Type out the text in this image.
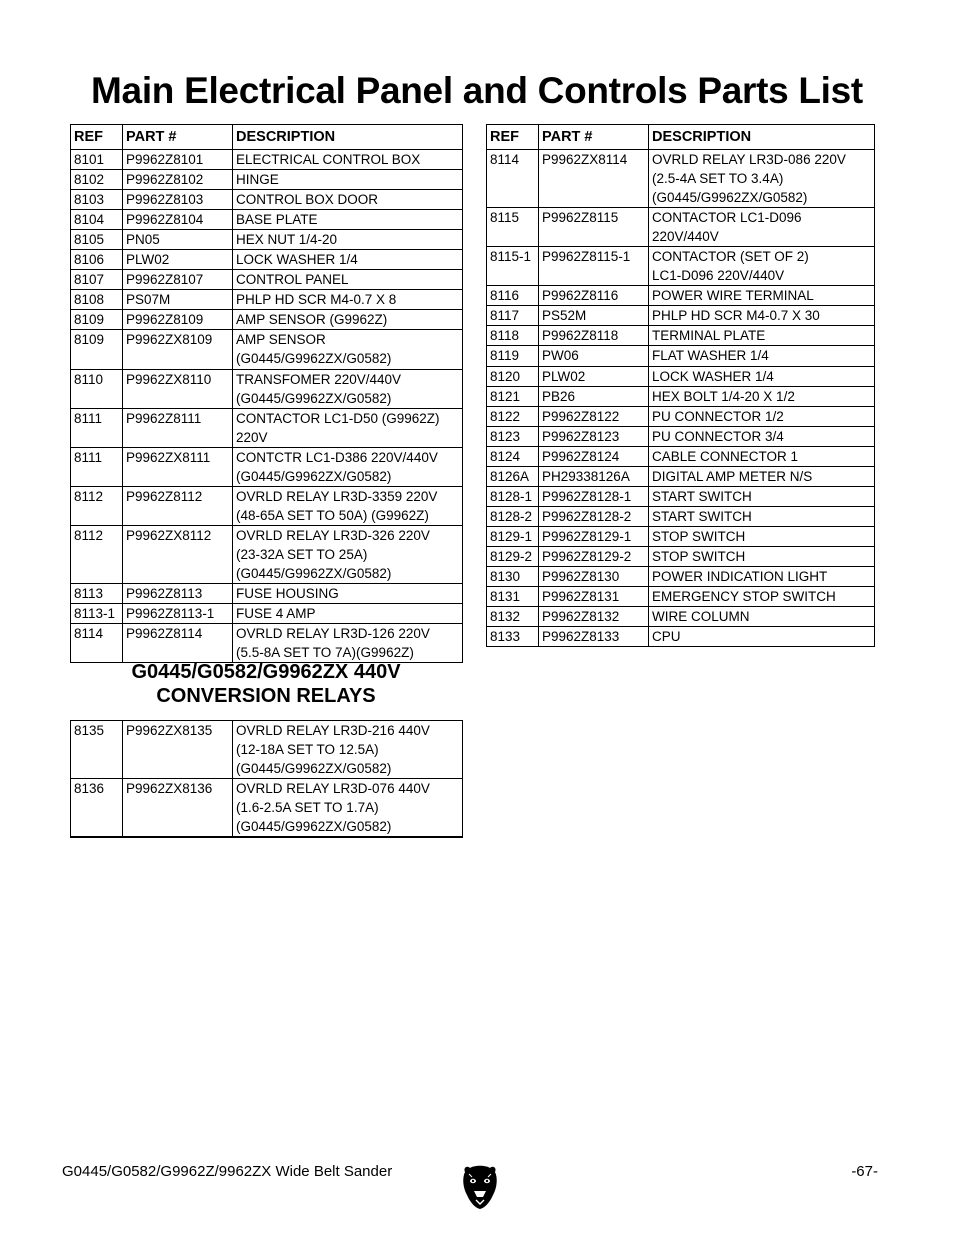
Main Electrical Panel and Controls Parts List
REF	PART #	DESCRIPTION
8101	P9962Z8101	ELECTRICAL CONTROL BOX

8102	P9962Z8102	HINGE

8103	P9962Z8103	CONTROL BOX DOOR

8104	P9962Z8104	BASE PLATE

8105	PN05	HEX NUT 1/4-20

8106	PLW02	LOCK WASHER 1/4

8107	P9962Z8107	CONTROL PANEL

8108	PS07M	PHLP HD SCR M4-0.7 X 8

8109	P9962Z8109	AMP SENSOR (G9962Z)

8109	P9962ZX8109	AMP SENSOR
(G0445/G9962ZX/G0582)

8110	P9962ZX8110	TRANSFOMER 220V/440V
(G0445/G9962ZX/G0582)

8111	P9962Z8111	CONTACTOR LC1-D50 (G9962Z)
220V

8111	P9962ZX8111	CONTCTR LC1-D386 220V/440V
(G0445/G9962ZX/G0582)

8112	P9962Z8112	OVRLD RELAY LR3D-3359 220V
(48-65A SET TO 50A) (G9962Z)

8112	P9962ZX8112	OVRLD RELAY LR3D-326 220V
(23-32A SET TO 25A)
(G0445/G9962ZX/G0582)

8113	P9962Z8113	FUSE HOUSING

8113-1	P9962Z8113-1	FUSE 4 AMP

8114	P9962Z8114	OVRLD RELAY LR3D-126 220V
(5.5-8A SET TO 7A)(G9962Z)
REF	PART #	DESCRIPTION
8114	P9962ZX8114	OVRLD RELAY LR3D-086 220V
(2.5-4A SET TO 3.4A)
(G0445/G9962ZX/G0582)

8115	P9962Z8115	CONTACTOR LC1-D096
220V/440V

8115-1	P9962Z8115-1	CONTACTOR (SET OF 2)
LC1-D096 220V/440V

8116	P9962Z8116	POWER WIRE TERMINAL

8117	PS52M	PHLP HD SCR M4-0.7 X 30

8118	P9962Z8118	TERMINAL PLATE

8119	PW06	FLAT WASHER 1/4

8120	PLW02	LOCK WASHER 1/4

8121	PB26	HEX BOLT 1/4-20 X 1/2

8122	P9962Z8122	PU CONNECTOR 1/2

8123	P9962Z8123	PU CONNECTOR 3/4

8124	P9962Z8124	CABLE CONNECTOR 1

8126A	PH29338126A	DIGITAL AMP METER N/S

8128-1	P9962Z8128-1	START SWITCH

8128-2	P9962Z8128-2	START SWITCH

8129-1	P9962Z8129-1	STOP SWITCH

8129-2	P9962Z8129-2	STOP SWITCH

8130	P9962Z8130	POWER INDICATION LIGHT

8131	P9962Z8131	EMERGENCY STOP SWITCH

8132	P9962Z8132	WIRE COLUMN

8133	P9962Z8133	CPU
G0445/G0582/G9962ZX 440V
CONVERSION RELAYS
8135	P9962ZX8135	OVRLD RELAY LR3D-216 440V
(12-18A SET TO 12.5A)
(G0445/G9962ZX/G0582)

8136	P9962ZX8136	OVRLD RELAY LR3D-076 440V
(1.6-2.5A SET TO 1.7A)
(G0445/G9962ZX/G0582)
G0445/G0582/G9962Z/9962ZX Wide Belt Sander	-67-
